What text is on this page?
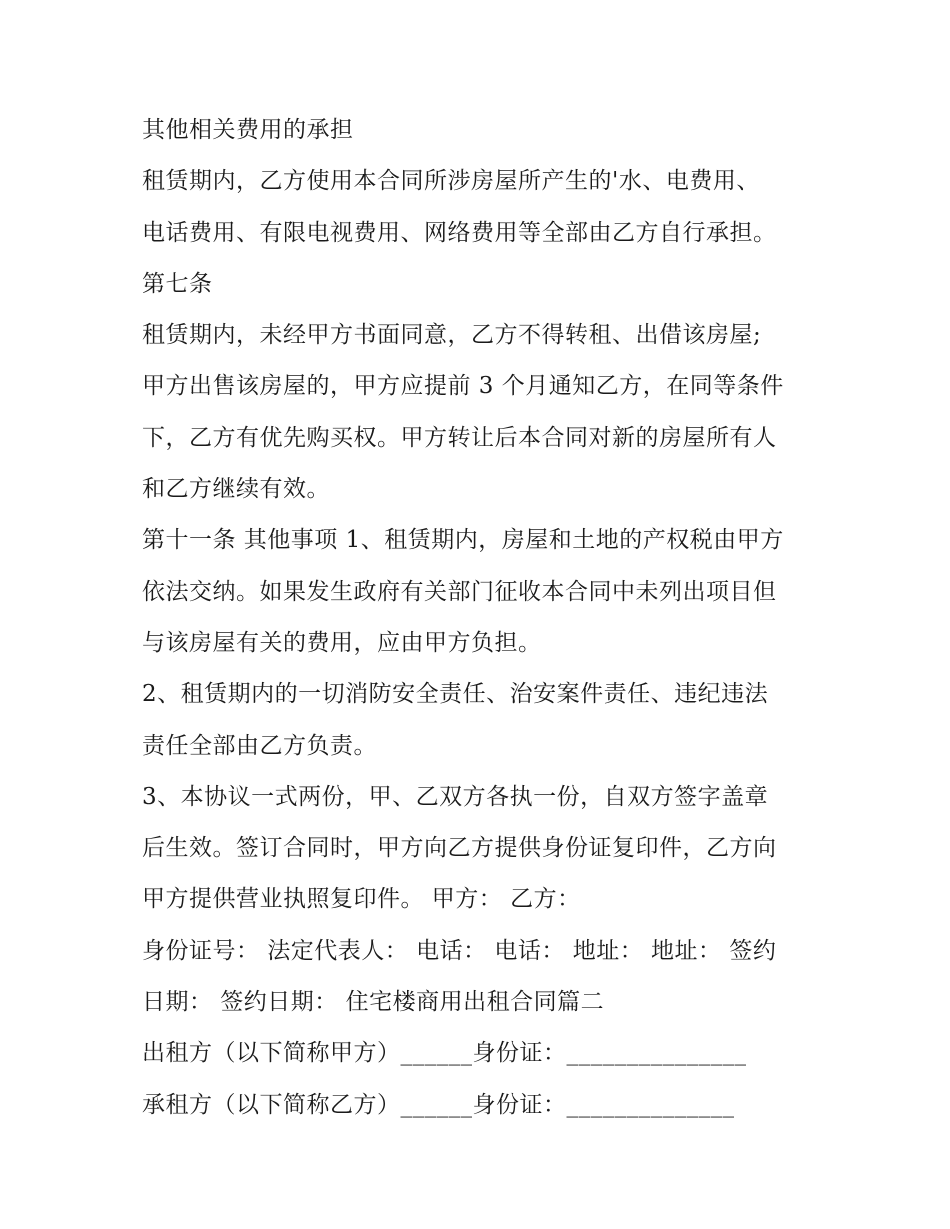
其他相关费用的承担
租赁期内，乙方使用本合同所涉房屋所产生的'水、电费用、
电话费用、有限电视费用、网络费用等全部由乙方自行承担。
第七条
租赁期内，未经甲方书面同意，乙方不得转租、出借该房屋;
甲方出售该房屋的，甲方应提前 3 个月通知乙方，在同等条件
下，乙方有优先购买权。甲方转让后本合同对新的房屋所有人
和乙方继续有效。
第十一条 其他事项 1、租赁期内，房屋和土地的产权税由甲方
依法交纳。如果发生政府有关部门征收本合同中未列出项目但
与该房屋有关的费用，应由甲方负担。
2、租赁期内的一切消防安全责任、治安案件责任、违纪违法
责任全部由乙方负责。
3、本协议一式两份，甲、乙双方各执一份，自双方签字盖章
后生效。签订合同时，甲方向乙方提供身份证复印件，乙方向
甲方提供营业执照复印件。 甲方： 乙方：
身份证号： 法定代表人： 电话： 电话： 地址： 地址： 签约
日期： 签约日期： 住宅楼商用出租合同篇二
出租方（以下简称甲方）______身份证：_______________
承租方（以下简称乙方）______身份证：______________
